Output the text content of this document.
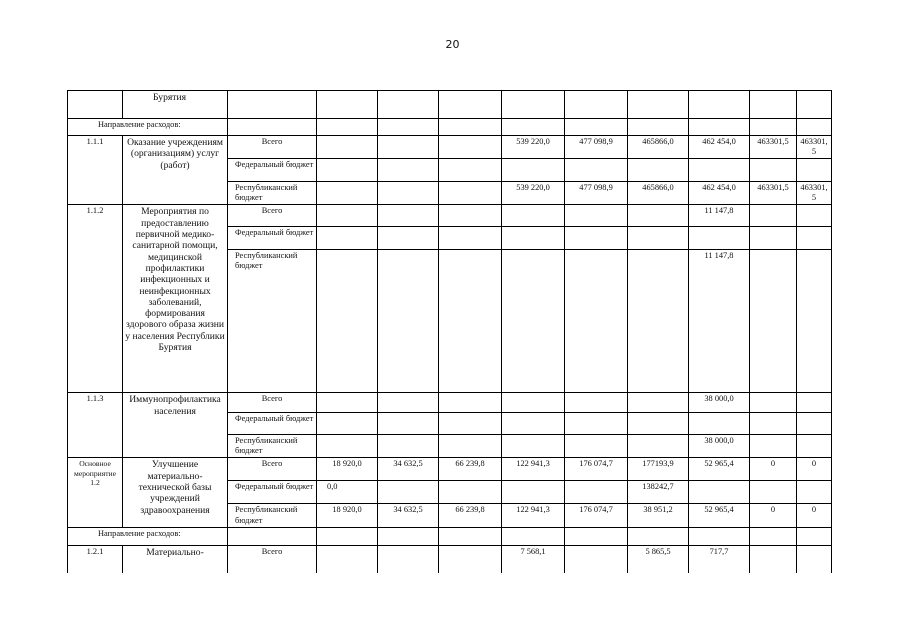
20
	Бурятия										
Направление расходов:											
1.1.1	Оказание учреждениям (организациям) услуг (работ)	Всего				539 220,0	477 098,9	465866,0	462 454,0	463301,5	463301,5
		Федеральный бюджет									
		Республиканский бюджет				539 220,0	477 098,9	465866,0	462 454,0	463301,5	463301,5
1.1.2	Мероприятия по предоставлению первичной медико-санитарной помощи, медицинской профилактики инфекционных и неинфекционных заболеваний, формирования здорового образа жизни у населения Республики Бурятия	Всего							11 147,8		
		Федеральный бюджет									
		Республиканский бюджет							11 147,8		
1.1.3	Иммунопрофилактика населения	Всего							38 000,0		
		Федеральный бюджет									
		Республиканский бюджет							38 000,0		
Основное мероприятие 1.2	Улучшение материально-технической базы учреждений здравоохранения	Всего	18 920,0	34 632,5	66 239,8	122 941,3	176 074,7	177193,9	52 965,4	0	0
		Федеральный бюджет	0,0					138242,7			
		Республиканский бюджет	18 920,0	34 632,5	66 239,8	122 941,3	176 074,7	38 951,2	52 965,4	0	0
Направление расходов:											
1.2.1	Материально-	Всего				7 568,1		5 865,5	717,7		
